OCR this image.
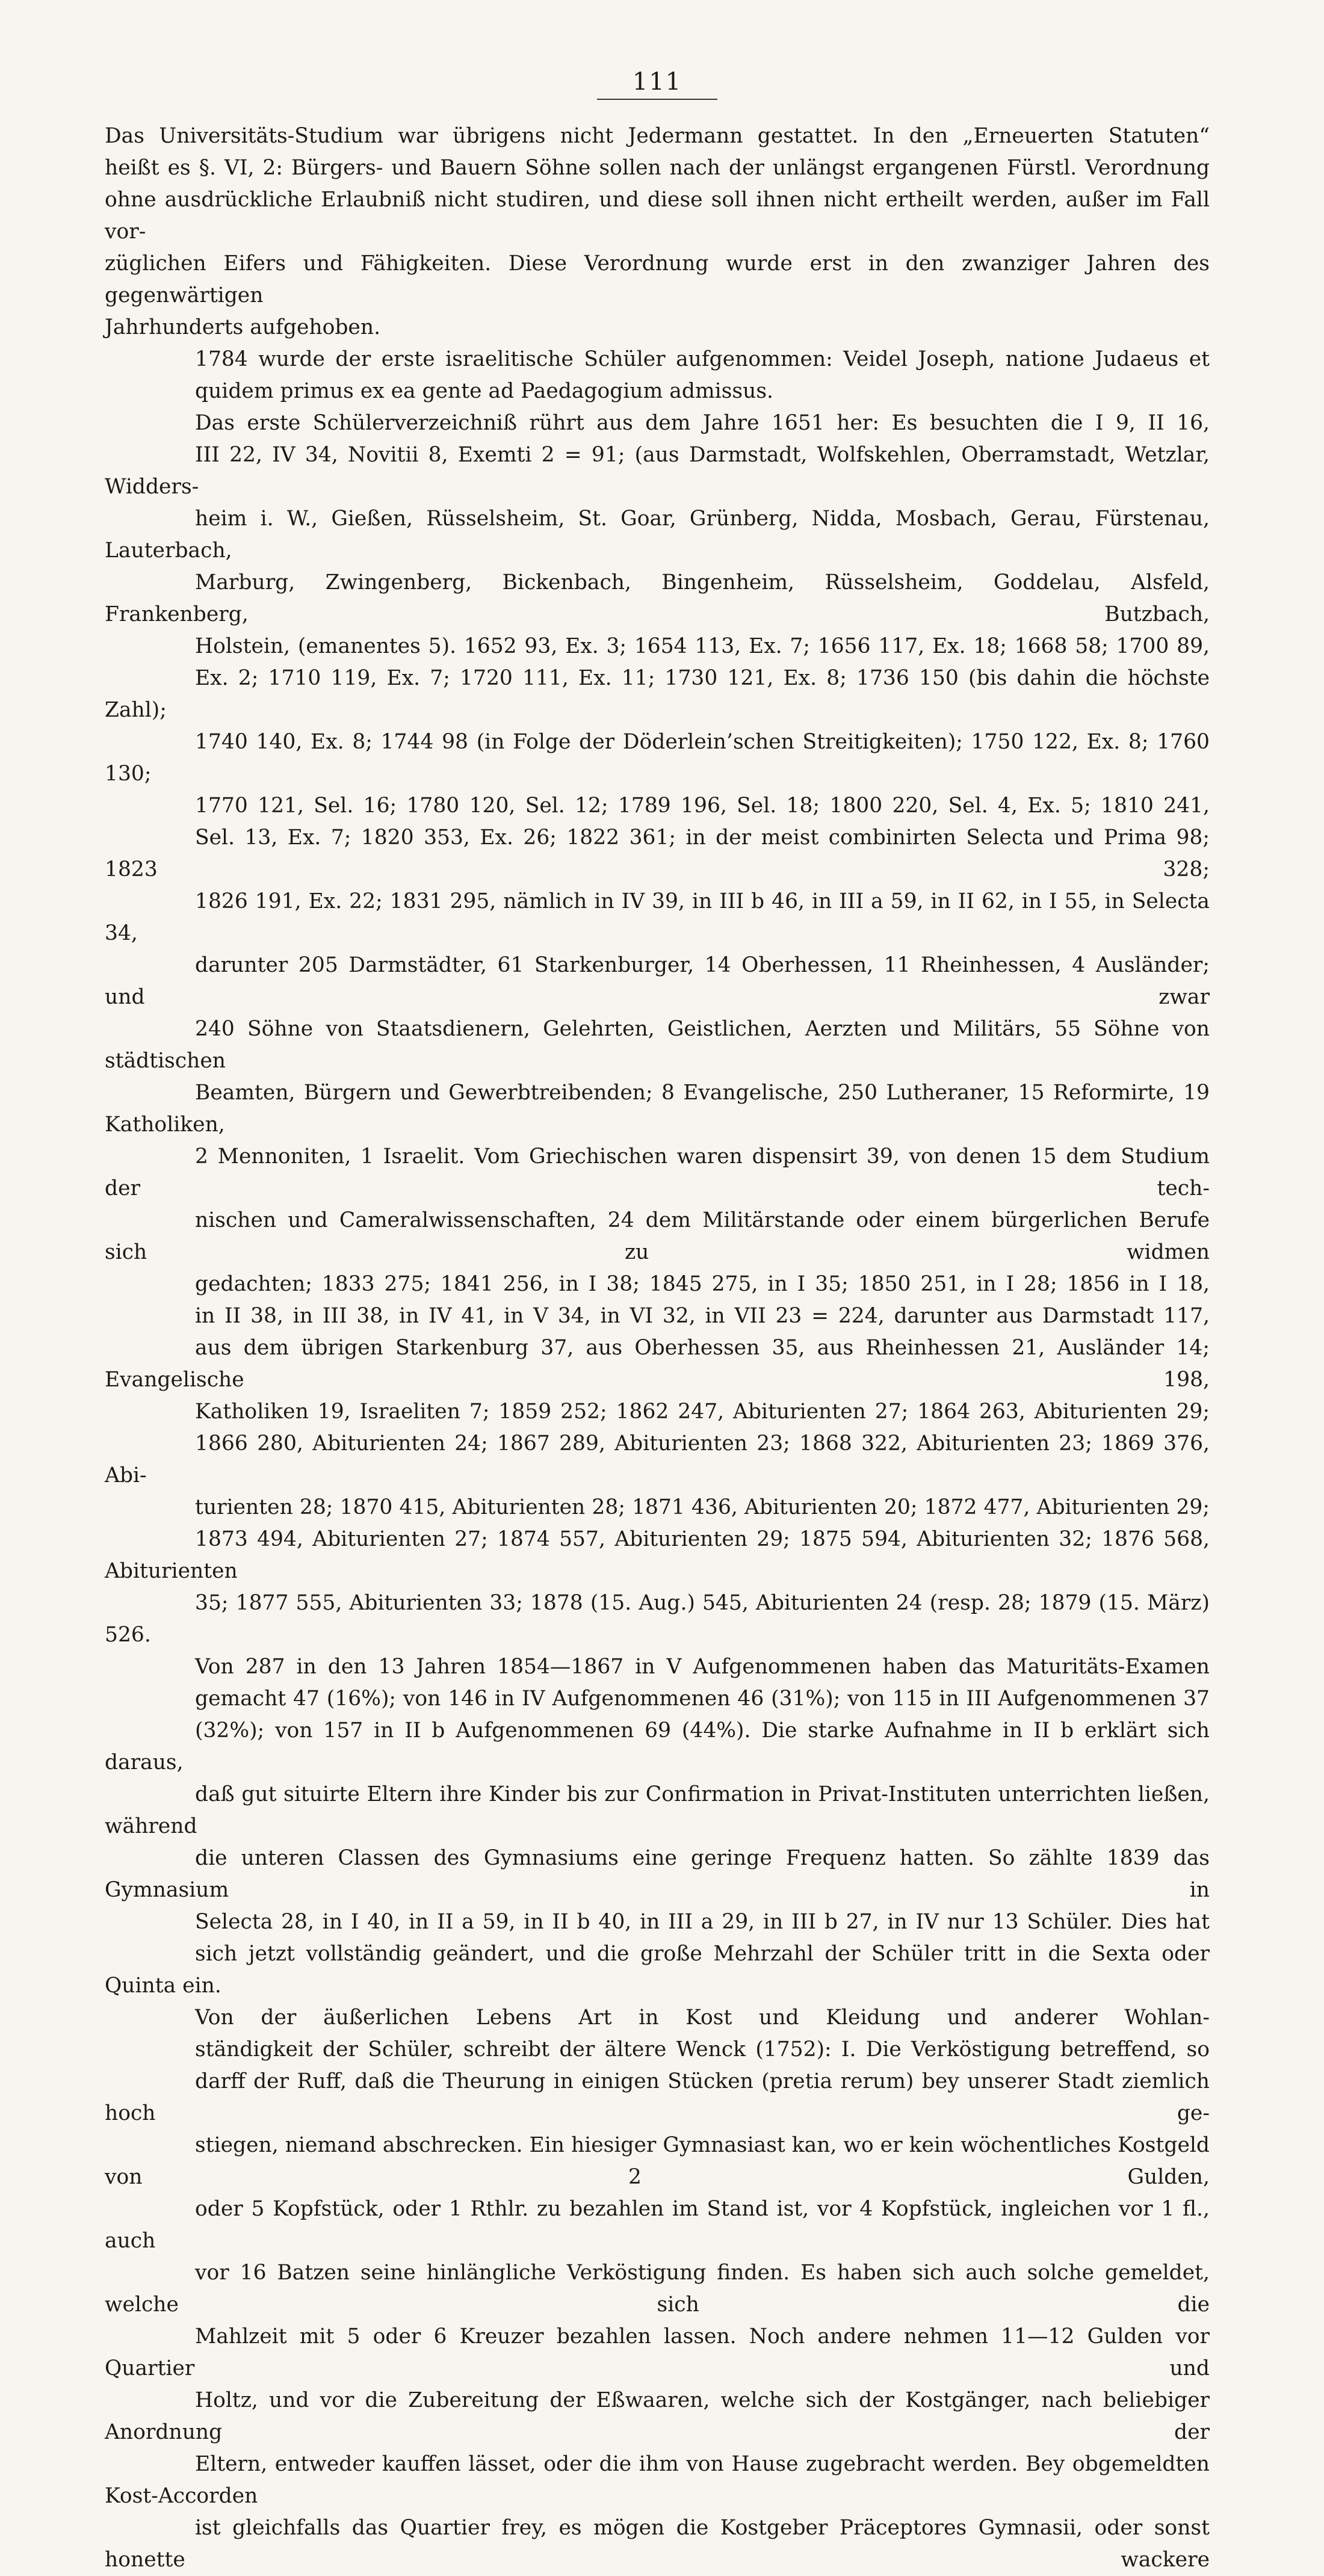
111

Das Universitäts-Studium war übrigens nicht Jedermann gestattet. In den „Erneuerten Statuten“
heißt es §. VI, 2: Bürgers- und Bauern Söhne sollen nach der unlängst ergangenen Fürstl. Verordnung
ohne ausdrückliche Erlaubniß nicht studiren, und diese soll ihnen nicht ertheilt werden, außer im Fall vor-
züglichen Eifers und Fähigkeiten. Diese Verordnung wurde erst in den zwanziger Jahren des gegenwärtigen
Jahrhunderts aufgehoben.

1784 wurde der erste israelitische Schüler aufgenommen: Veidel Joseph, natione Judaeus et
quidem primus ex ea gente ad Paedagogium admissus.

Das erste Schülerverzeichniß rührt aus dem Jahre 1651 her: Es besuchten die I 9, II 16,
III 22, IV 34, Novitii 8, Exemti 2 = 91; (aus Darmstadt, Wolfskehlen, Oberramstadt, Wetzlar, Widders-
heim i. W., Gießen, Rüsselsheim, St. Goar, Grünberg, Nidda, Mosbach, Gerau, Fürstenau, Lauterbach,
Marburg, Zwingenberg, Bickenbach, Bingenheim, Rüsselsheim, Goddelau, Alsfeld, Frankenberg, Butzbach,
Holstein, (emanentes 5). 1652 93, Ex. 3; 1654 113, Ex. 7; 1656 117, Ex. 18; 1668 58; 1700 89,
Ex. 2; 1710 119, Ex. 7; 1720 111, Ex. 11; 1730 121, Ex. 8; 1736 150 (bis dahin die höchste Zahl);
1740 140, Ex. 8; 1744 98 (in Folge der Döderlein’schen Streitigkeiten); 1750 122, Ex. 8; 1760 130;
1770 121, Sel. 16; 1780 120, Sel. 12; 1789 196, Sel. 18; 1800 220, Sel. 4, Ex. 5; 1810 241,
Sel. 13, Ex. 7; 1820 353, Ex. 26; 1822 361; in der meist combinirten Selecta und Prima 98; 1823 328;
1826 191, Ex. 22; 1831 295, nämlich in IV 39, in III b 46, in III a 59, in II 62, in I 55, in Selecta 34,
darunter 205 Darmstädter, 61 Starkenburger, 14 Oberhessen, 11 Rheinhessen, 4 Ausländer; und zwar
240 Söhne von Staatsdienern, Gelehrten, Geistlichen, Aerzten und Militärs, 55 Söhne von städtischen
Beamten, Bürgern und Gewerbtreibenden; 8 Evangelische, 250 Lutheraner, 15 Reformirte, 19 Katholiken,
2 Mennoniten, 1 Israelit. Vom Griechischen waren dispensirt 39, von denen 15 dem Studium der tech-
nischen und Cameralwissenschaften, 24 dem Militärstande oder einem bürgerlichen Berufe sich zu widmen
gedachten; 1833 275; 1841 256, in I 38; 1845 275, in I 35; 1850 251, in I 28; 1856 in I 18,
in II 38, in III 38, in IV 41, in V 34, in VI 32, in VII 23 = 224, darunter aus Darmstadt 117,
aus dem übrigen Starkenburg 37, aus Oberhessen 35, aus Rheinhessen 21, Ausländer 14; Evangelische 198,
Katholiken 19, Israeliten 7; 1859 252; 1862 247, Abiturienten 27; 1864 263, Abiturienten 29;
1866 280, Abiturienten 24; 1867 289, Abiturienten 23; 1868 322, Abiturienten 23; 1869 376, Abi-
turienten 28; 1870 415, Abiturienten 28; 1871 436, Abiturienten 20; 1872 477, Abiturienten 29;
1873 494, Abiturienten 27; 1874 557, Abiturienten 29; 1875 594, Abiturienten 32; 1876 568, Abiturienten
35; 1877 555, Abiturienten 33; 1878 (15. Aug.) 545, Abiturienten 24 (resp. 28; 1879 (15. März) 526.

Von 287 in den 13 Jahren 1854—1867 in V Aufgenommenen haben das Maturitäts-Examen
gemacht 47 (16%); von 146 in IV Aufgenommenen 46 (31%); von 115 in III Aufgenommenen 37
(32%); von 157 in II b Aufgenommenen 69 (44%). Die starke Aufnahme in II b erklärt sich daraus,
daß gut situirte Eltern ihre Kinder bis zur Confirmation in Privat-Instituten unterrichten ließen, während
die unteren Classen des Gymnasiums eine geringe Frequenz hatten. So zählte 1839 das Gymnasium in
Selecta 28, in I 40, in II a 59, in II b 40, in III a 29, in III b 27, in IV nur 13 Schüler. Dies hat
sich jetzt vollständig geändert, und die große Mehrzahl der Schüler tritt in die Sexta oder Quinta ein.

Von der äußerlichen Lebens Art in Kost und Kleidung und anderer Wohlan-
ständigkeit der Schüler, schreibt der ältere Wenck (1752): I. Die Verköstigung betreffend, so
darff der Ruff, daß die Theurung in einigen Stücken (pretia rerum) bey unserer Stadt ziemlich hoch ge-
stiegen, niemand abschrecken. Ein hiesiger Gymnasiast kan, wo er kein wöchentliches Kostgeld von 2 Gulden,
oder 5 Kopfstück, oder 1 Rthlr. zu bezahlen im Stand ist, vor 4 Kopfstück, ingleichen vor 1 fl., auch
vor 16 Batzen seine hinlängliche Verköstigung finden. Es haben sich auch solche gemeldet, welche sich die
Mahlzeit mit 5 oder 6 Kreuzer bezahlen lassen. Noch andere nehmen 11—12 Gulden vor Quartier und
Holtz, und vor die Zubereitung der Eßwaaren, welche sich der Kostgänger, nach beliebiger Anordnung der
Eltern, entweder kauffen lässet, oder die ihm von Hause zugebracht werden. Bey obgemeldten Kost-Accorden
ist gleichfalls das Quartier frey, es mögen die Kostgeber Präceptores Gymnasii, oder sonst honette wackere
